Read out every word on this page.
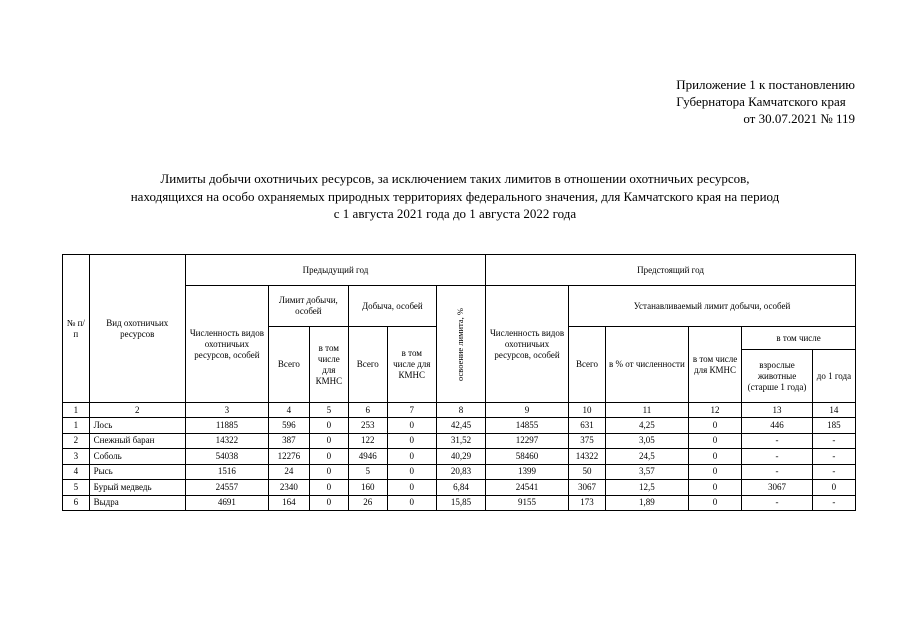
Приложение 1 к постановлению
Губернатора Камчатского края
от 30.07.2021 № 119
Лимиты добычи охотничьих ресурсов, за исключением таких лимитов в отношении охотничьих ресурсов,
находящихся на особо охраняемых природных территориях федерального значения, для Камчатского края на период
с 1 августа 2021 года до 1 августа 2022 года
№ п/п	Вид охотничьих ресурсов	Предыдущий год						Предстоящий год					
		Численность видов охотничьих ресурсов, особей	Лимит добычи, особей		Добыча, особей		освоение лимита, %	Численность видов охотничьих ресурсов, особей	Устанавливаемый лимит добычи, особей				
			Всего	в том числе для КМНС	Всего	в том числе для КМНС			Всего	в % от численности	в том числе для КМНС	в том числе	
												взрослые животные (старше 1 года)	до 1 года
1	2	3	4	5	6	7	8	9	10	11	12	13	14
1	Лось	11885	596	0	253	0	42,45	14855	631	4,25	0	446	185
2	Снежный баран	14322	387	0	122	0	31,52	12297	375	3,05	0	-	-
3	Соболь	54038	12276	0	4946	0	40,29	58460	14322	24,5	0	-	-
4	Рысь	1516	24	0	5	0	20,83	1399	50	3,57	0	-	-
5	Бурый медведь	24557	2340	0	160	0	6,84	24541	3067	12,5	0	3067	0
6	Выдра	4691	164	0	26	0	15,85	9155	173	1,89	0	-	-
